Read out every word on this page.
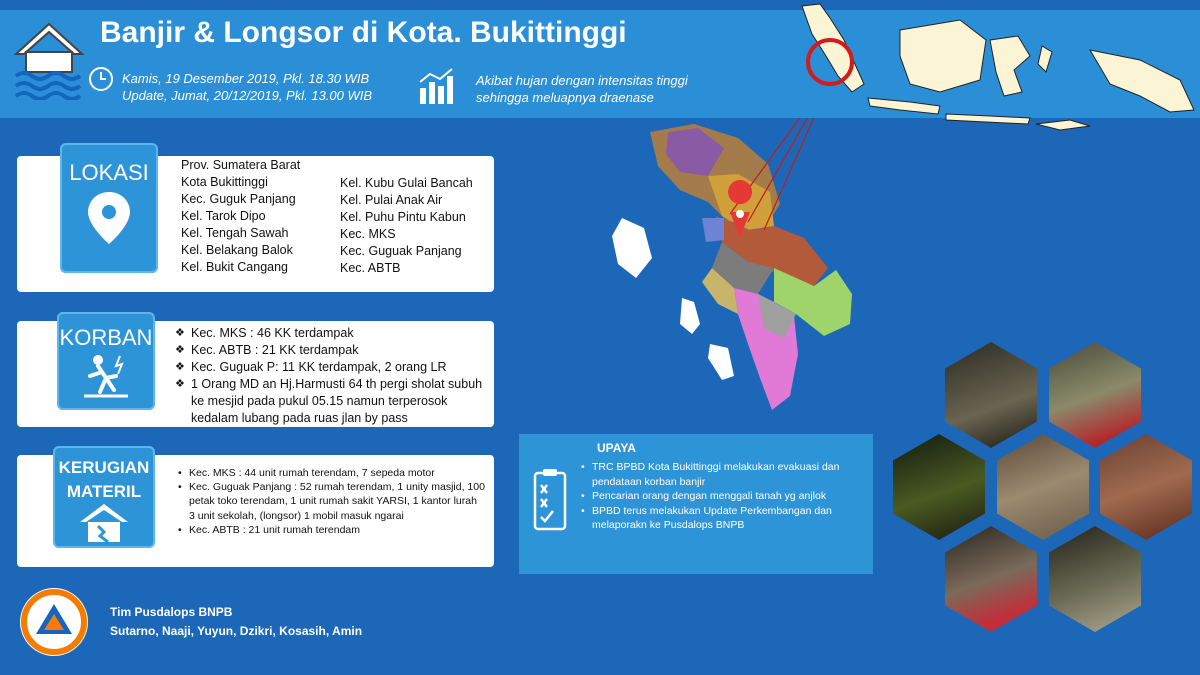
Banjir & Longsor di Kota. Bukittinggi
Kamis, 19 Desember 2019, Pkl. 18.30 WIB
Update, Jumat, 20/12/2019, Pkl. 13.00 WIB
Akibat hujan dengan intensitas tinggi sehingga meluapnya draenase
LOKASI	Prov. Sumatera Barat
Kota Bukittinggi
Kec. Guguk Panjang
Kel. Tarok Dipo
Kel. Tengah Sawah
Kel. Belakang Balok
Kel. Bukit Cangang
Kel. Kubu Gulai Bancah
Kel. Pulai Anak Air
Kel. Puhu Pintu Kabun
Kec. MKS
Kec. Guguak Panjang
Kec. ABTB
KORBAN
❖	Kec. MKS : 46 KK terdampak
❖ Kec. ABTB : 21 KK terdampak
❖ Kec. Guguak P: 11 KK terdampak, 2 orang LR
❖ 1 Orang MD an Hj.Harmusti 64 th pergi sholat subuh ke mesjid pada pukul 05.15 namun terperosok kedalam lubang pada ruas jlan by pass
KERUGIAN
MATERIL
• Kec. MKS : 44 unit rumah terendam, 7 sepeda motor
• Kec. Guguak Panjang : 52 rumah terendam, 1 unity masjid, 100 petak toko terendam, 1 unit rumah sakit YARSI, 1 kantor lurah 3 unit sekolah, (longsor) 1 mobil masuk ngarai
• Kec. ABTB : 21 unit rumah terendam
UPAYA
• TRC BPBD Kota Bukittinggi melakukan evakuasi dan pendataan korban banjir
• Pencarian orang dengan menggali tanah yg anjlok
• BPBD terus melakukan Update Perkembangan dan melaporakn ke Pusdalops BNPB
Tim Pusdalops BNPB
Sutarno, Naaji, Yuyun, Dzikri, Kosasih, Amin
